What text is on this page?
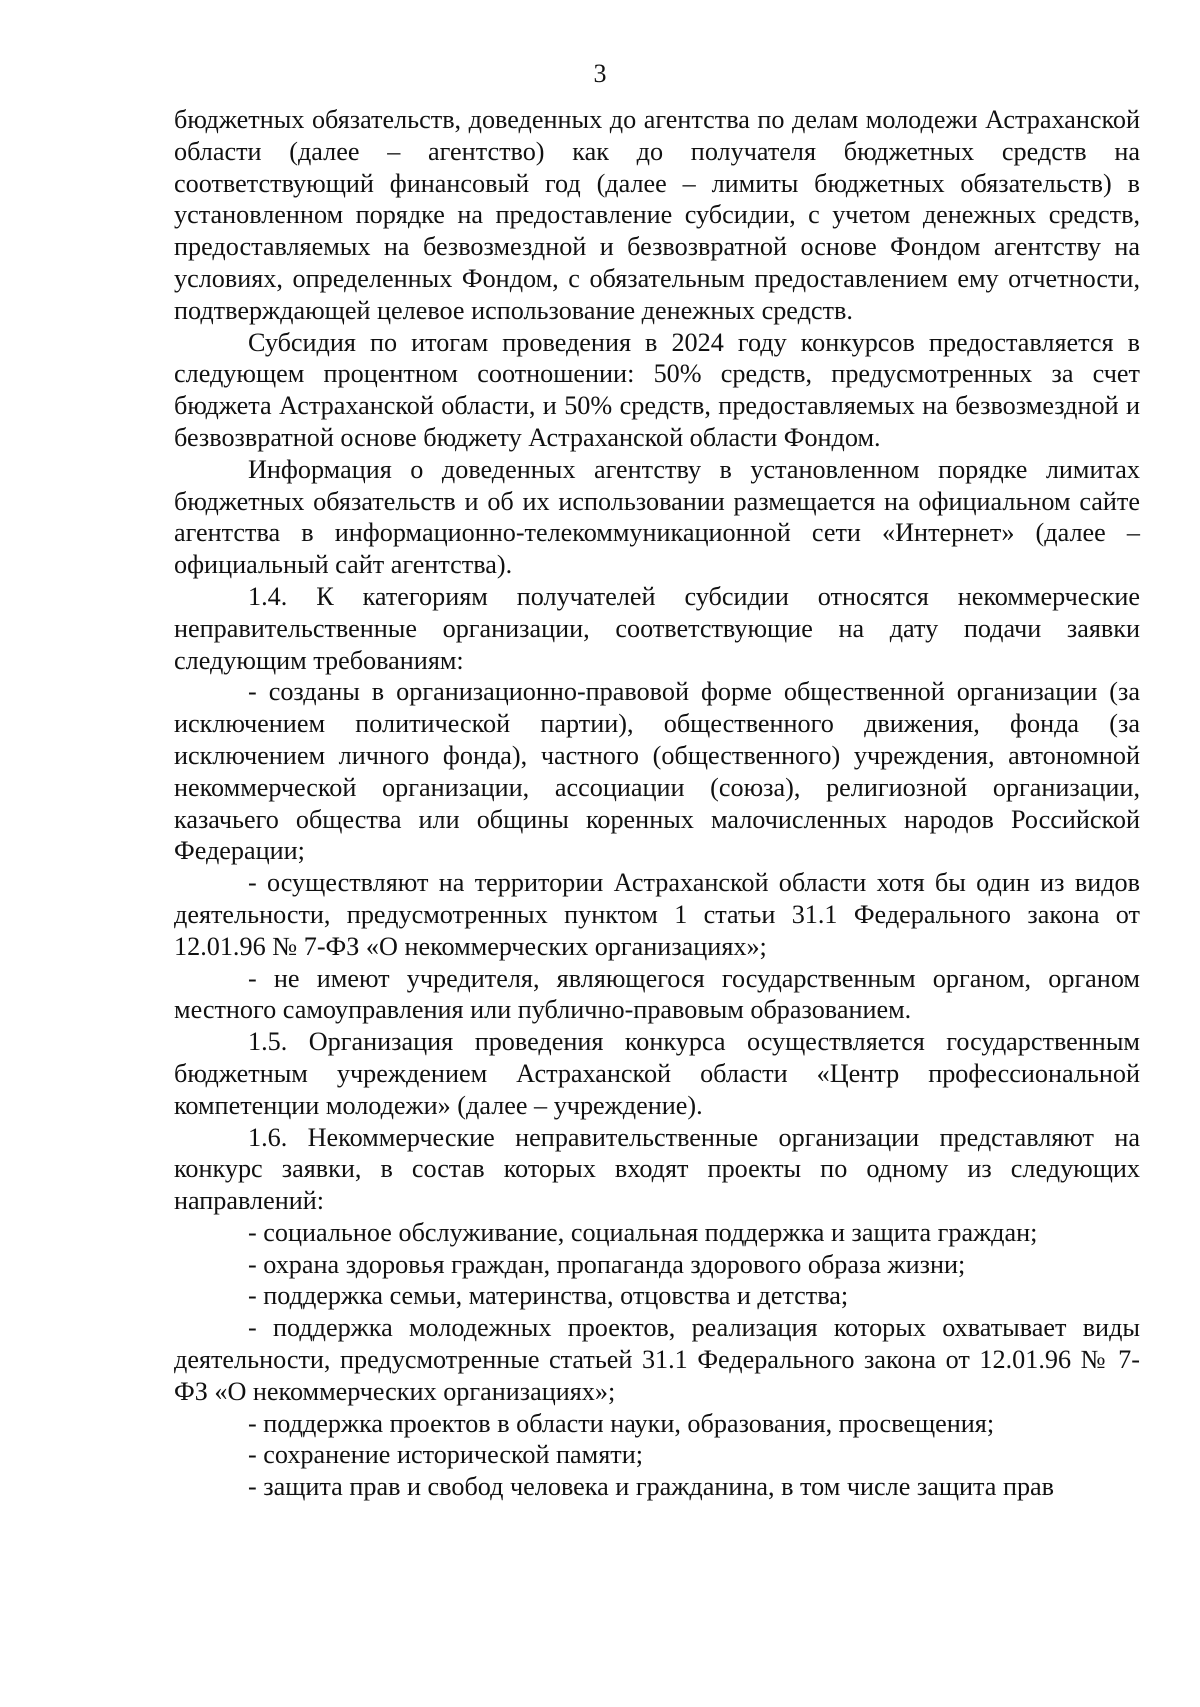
3

бюджетных обязательств, доведенных до агентства по делам молодежи Астраханской области (далее – агентство) как до получателя бюджетных средств на соответствующий финансовый год (далее – лимиты бюджетных обязательств) в установленном порядке на предоставление субсидии, с учетом денежных средств, предоставляемых на безвозмездной и безвозвратной основе Фондом агентству на условиях, определенных Фондом, с обязательным предоставлением ему отчетности, подтверждающей целевое использование денежных средств.

Субсидия по итогам проведения в 2024 году конкурсов предоставляется в следующем процентном соотношении: 50% средств, предусмотренных за счет бюджета Астраханской области, и 50% средств, предоставляемых на безвозмездной и безвозвратной основе бюджету Астраханской области Фондом.

Информация о доведенных агентству в установленном порядке лимитах бюджетных обязательств и об их использовании размещается на официальном сайте агентства в информационно-телекоммуникационной сети «Интернет» (далее – официальный сайт агентства).

1.4. К категориям получателей субсидии относятся некоммерческие неправительственные организации, соответствующие на дату подачи заявки следующим требованиям:

- созданы в организационно-правовой форме общественной организации (за исключением политической партии), общественного движения, фонда (за исключением личного фонда), частного (общественного) учреждения, автономной некоммерческой организации, ассоциации (союза), религиозной организации, казачьего общества или общины коренных малочисленных народов Российской Федерации;

- осуществляют на территории Астраханской области хотя бы один из видов деятельности, предусмотренных пунктом 1 статьи 31.1 Федерального закона от 12.01.96 № 7-ФЗ «О некоммерческих организациях»;

- не имеют учредителя, являющегося государственным органом, органом местного самоуправления или публично-правовым образованием.

1.5. Организация проведения конкурса осуществляется государственным бюджетным учреждением Астраханской области «Центр профессиональной компетенции молодежи» (далее – учреждение).

1.6. Некоммерческие неправительственные организации представляют на конкурс заявки, в состав которых входят проекты по одному из следующих направлений:

- социальное обслуживание, социальная поддержка и защита граждан;

- охрана здоровья граждан, пропаганда здорового образа жизни;

- поддержка семьи, материнства, отцовства и детства;

- поддержка молодежных проектов, реализация которых охватывает виды деятельности, предусмотренные статьей 31.1 Федерального закона от 12.01.96 № 7-ФЗ «О некоммерческих организациях»;

- поддержка проектов в области науки, образования, просвещения;

- сохранение исторической памяти;

- защита прав и свобод человека и гражданина, в том числе защита прав
